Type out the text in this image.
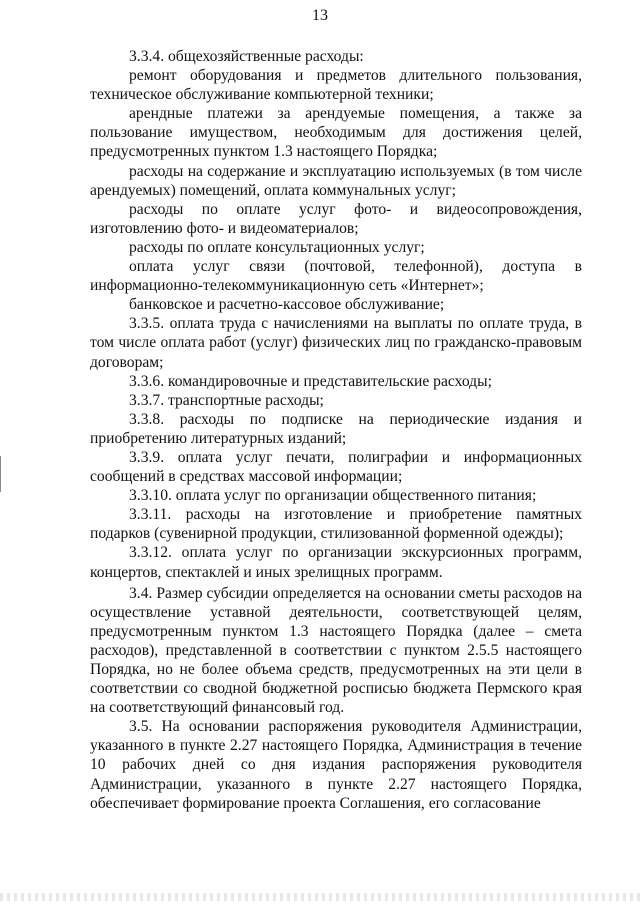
13

3.3.4. общехозяйственные расходы:

ремонт оборудования и предметов длительного пользования, техническое обслуживание компьютерной техники;

арендные платежи за арендуемые помещения, а также за пользование имуществом, необходимым для достижения целей, предусмотренных пунктом 1.3 настоящего Порядка;

расходы на содержание и эксплуатацию используемых (в том числе арендуемых) помещений, оплата коммунальных услуг;

расходы по оплате услуг фото- и видеосопровождения, изготовлению фото- и видеоматериалов;

расходы по оплате консультационных услуг;

оплата услуг связи (почтовой, телефонной), доступа в информационно-телекоммуникационную сеть «Интернет»;

банковское и расчетно-кассовое обслуживание;

3.3.5. оплата труда с начислениями на выплаты по оплате труда, в том числе оплата работ (услуг) физических лиц по гражданско-правовым договорам;

3.3.6. командировочные и представительские расходы;

3.3.7. транспортные расходы;

3.3.8. расходы по подписке на периодические издания и приобретению литературных изданий;

3.3.9. оплата услуг печати, полиграфии и информационных сообщений в средствах массовой информации;

3.3.10. оплата услуг по организации общественного питания;

3.3.11. расходы на изготовление и приобретение памятных подарков (сувенирной продукции, стилизованной форменной одежды);

3.3.12. оплата услуг по организации экскурсионных программ, концертов, спектаклей и иных зрелищных программ.

3.4. Размер субсидии определяется на основании сметы расходов на осуществление уставной деятельности, соответствующей целям, предусмотренным пунктом 1.3 настоящего Порядка (далее – смета расходов), представленной в соответствии с пунктом 2.5.5 настоящего Порядка, но не более объема средств, предусмотренных на эти цели в соответствии со сводной бюджетной росписью бюджета Пермского края на соответствующий финансовый год.

3.5. На основании распоряжения руководителя Администрации, указанного в пункте 2.27 настоящего Порядка, Администрация в течение 10 рабочих дней со дня издания распоряжения руководителя Администрации, указанного в пункте 2.27 настоящего Порядка, обеспечивает формирование проекта Соглашения, его согласование
